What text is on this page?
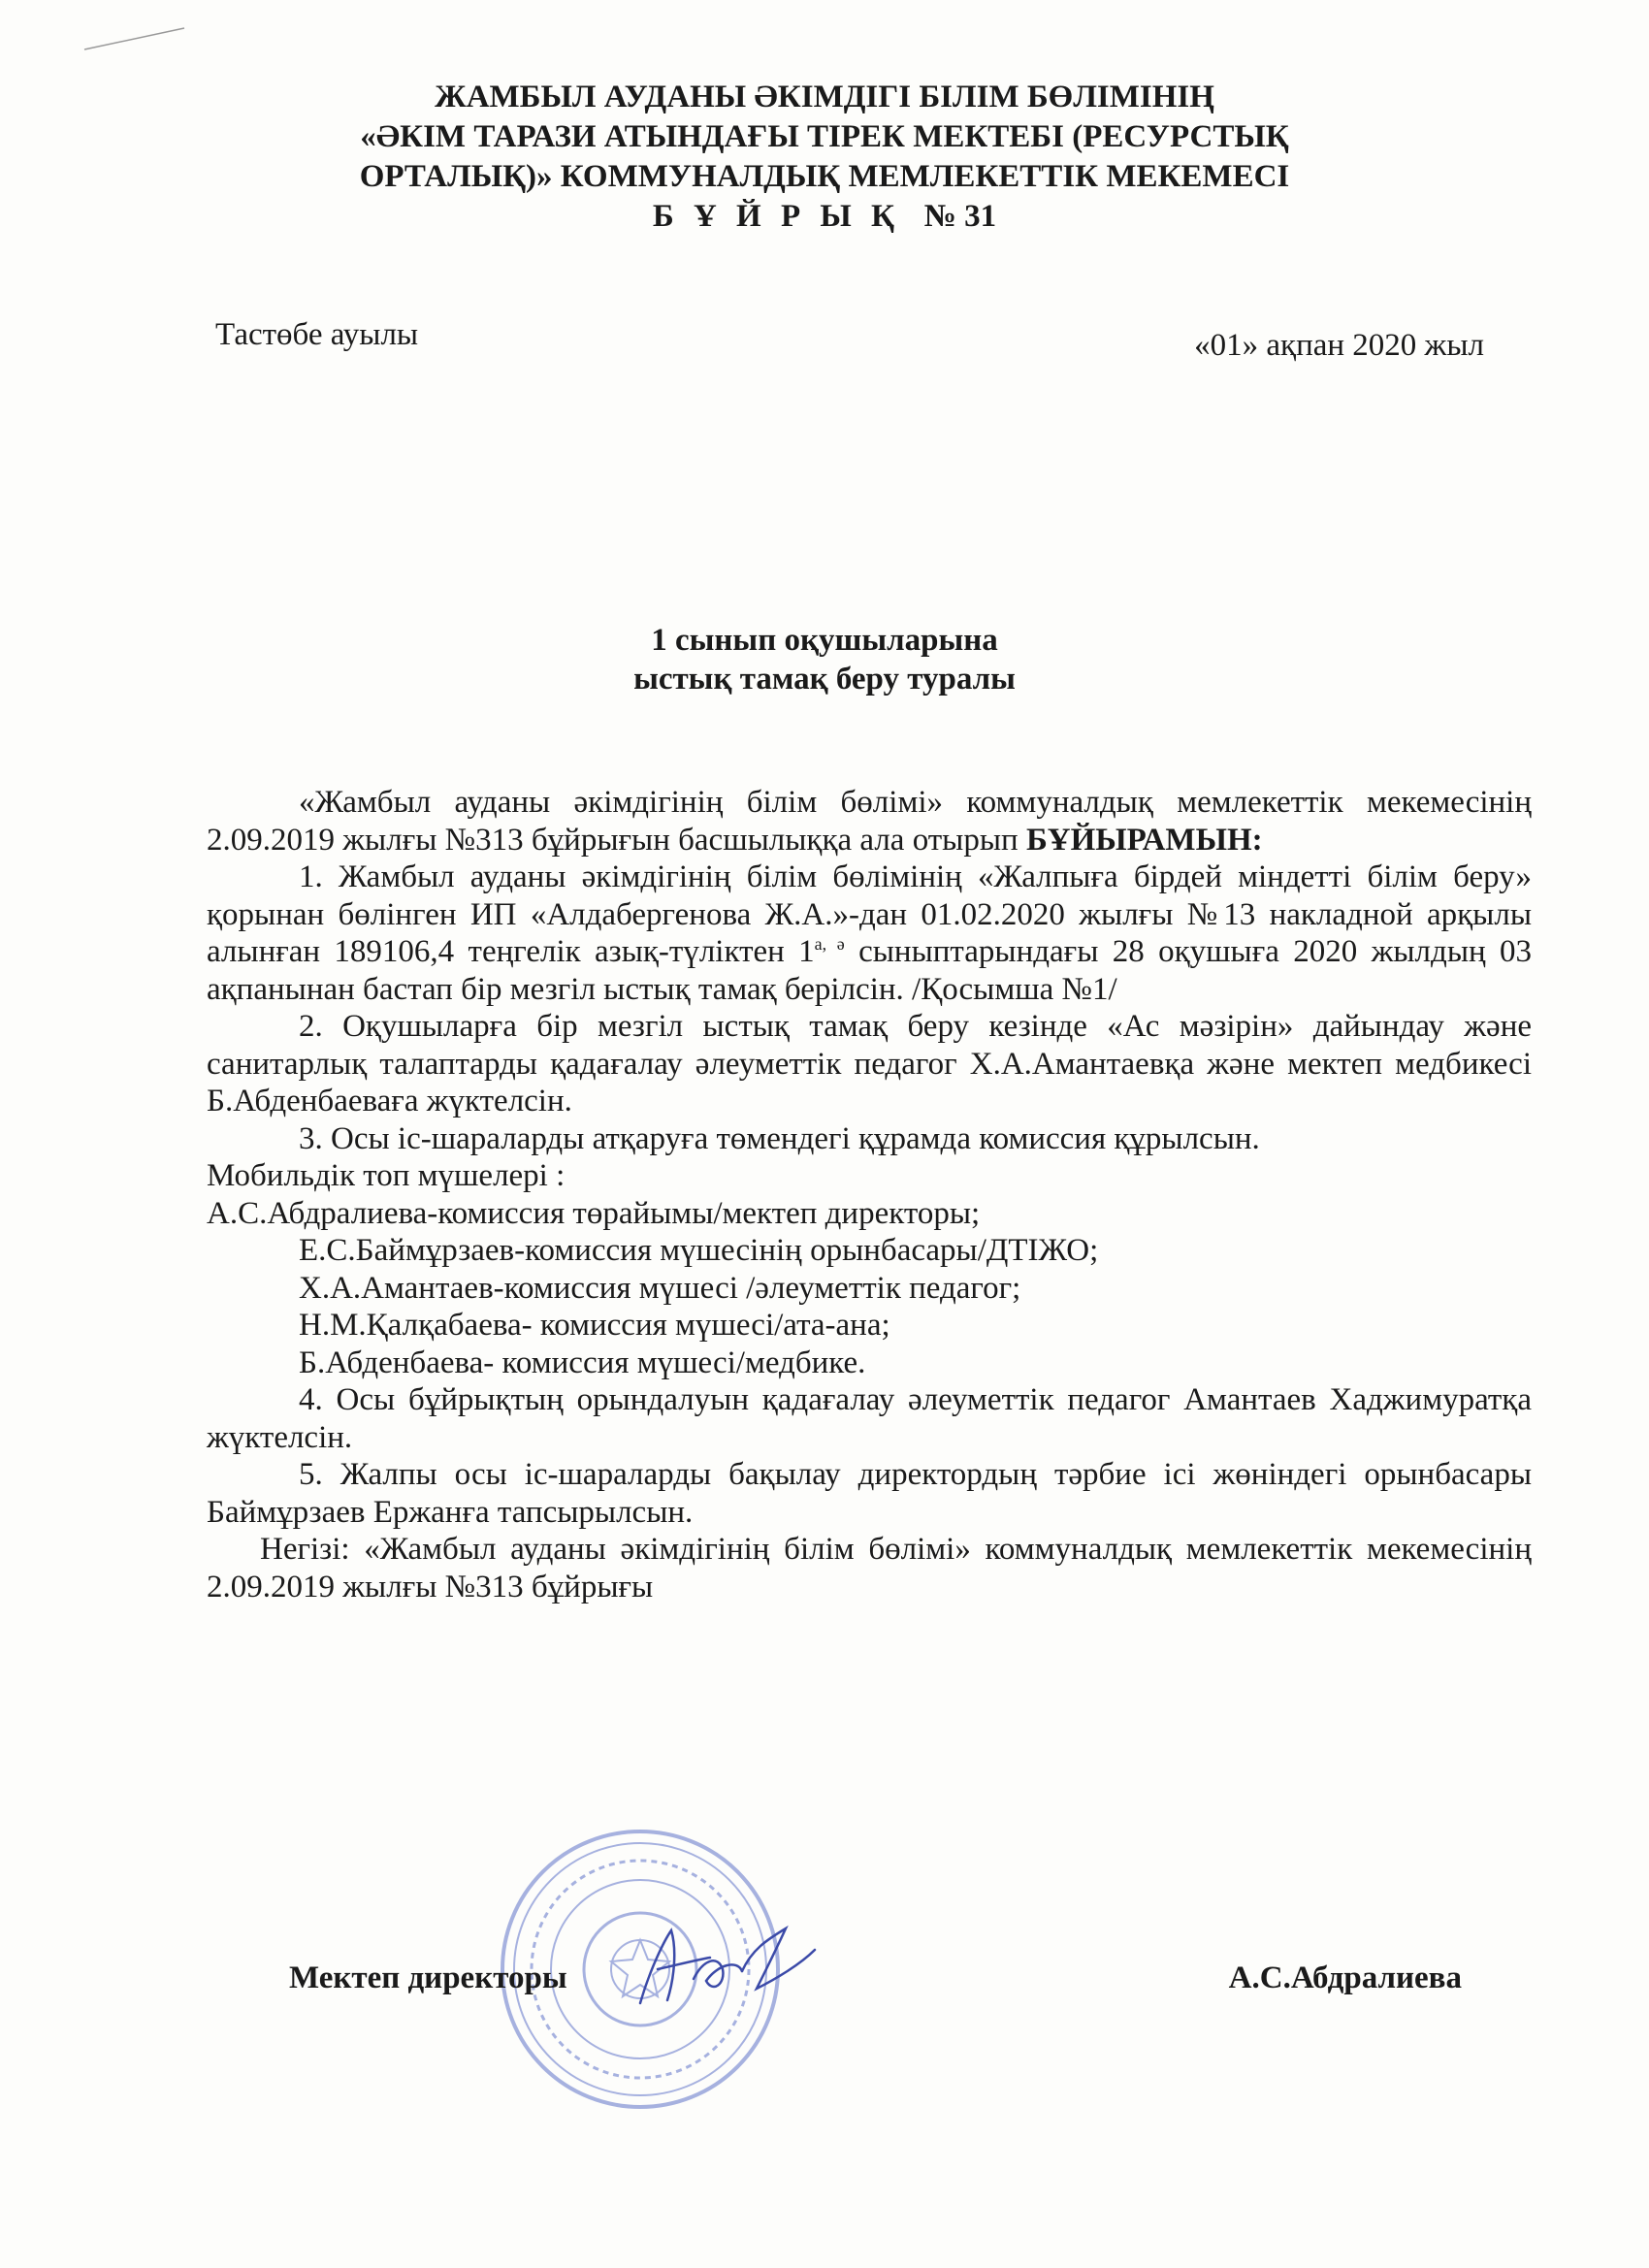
ЖАМБЫЛ АУДАНЫ ӘКІМДІГІ БІЛІМ БӨЛІМІНІҢ
«ӘКІМ ТАРАЗИ АТЫНДАҒЫ ТІРЕК МЕКТЕБІ (РЕСУРСТЫҚ
ОРТАЛЫҚ)» КОММУНАЛДЫҚ МЕМЛЕКЕТТІК МЕКЕМЕСІ
Б Ұ Й Р Ы Қ № 31
Тастөбе ауылы	«01» ақпан 2020 жыл
1 сынып оқушыларына
ыстық тамақ беру туралы

«Жамбыл ауданы әкімдігінің білім бөлімі» коммуналдық мемлекеттік мекемесінің 2.09.2019 жылғы №313 бұйрығын басшылыққа ала отырып БҰЙЫРАМЫН:

1. Жамбыл ауданы әкімдігінің білім бөлімінің «Жалпыға бірдей міндетті білім беру» қорынан бөлінген ИП «Алдабергенова Ж.А.»-дан 01.02.2020 жылғы №13 накладной арқылы алынған 189106,4 теңгелік азық-түліктен $1^{а, ә}$ сыныптарындағы 28 оқушыға 2020 жылдың 03 ақпанынан бастап бір мезгіл ыстық тамақ берілсін. /Қосымша №1/

2. Оқушыларға бір мезгіл ыстық тамақ беру кезінде «Ас мәзірін» дайындау және санитарлық талаптарды қадағалау әлеуметтік педагог Х.А.Амантаевқа және мектеп медбикесі Б.Абденбаеваға жүктелсін.

3. Осы іс-шараларды атқаруға төмендегі құрамда комиссия құрылсын.

Мобильдік топ мүшелері :

А.С.Абдралиева-комиссия төрайымы/мектеп директоры;

Е.С.Баймұрзаев-комиссия мүшесінің орынбасары/ДТІЖО;

Х.А.Амантаев-комиссия мүшесі /әлеуметтік педагог;

Н.М.Қалқабаева- комиссия мүшесі/ата-ана;

Б.Абденбаева- комиссия мүшесі/медбике.

4. Осы бұйрықтың орындалуын қадағалау әлеуметтік педагог Амантаев Хаджимуратқа жүктелсін.

5. Жалпы осы іс-шараларды бақылау директордың тәрбие ісі жөніндегі орынбасары Баймұрзаев Ержанға тапсырылсын.

Негізі: «Жамбыл ауданы әкімдігінің білім бөлімі» коммуналдық мемлекеттік мекемесінің 2.09.2019 жылғы №313 бұйрығы

Мектеп директоры	А.С.Абдралиева
